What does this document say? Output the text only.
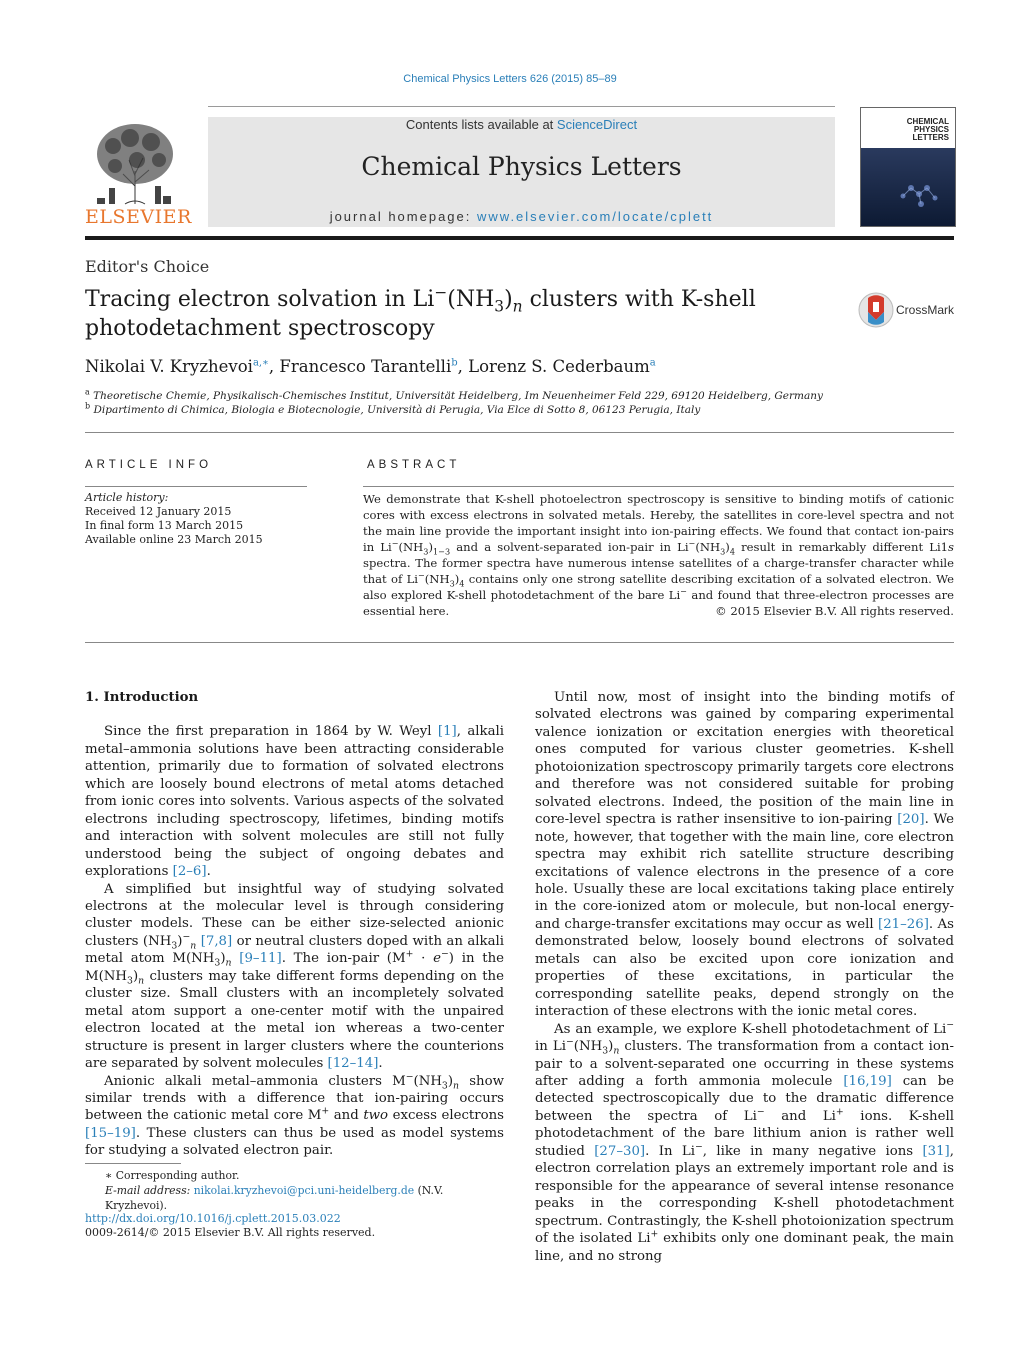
Chemical Physics Letters 626 (2015) 85–89
Contents lists available at ScienceDirect
Chemical Physics Letters
journal homepage: www.elsevier.com/locate/cplett
ELSEVIER
CHEMICAL
PHYSICS
LETTERS
Editor's Choice
Tracing electron solvation in $Li^-(NH_3)_n$ clusters with K-shell photodetachment spectroscopy
CrossMark
Nikolai V. Kryzhevoi$^{a,∗}$, Francesco Tarantelli$^b$, Lorenz S. Cederbaum$^a$
$^a$ Theoretische Chemie, Physikalisch-Chemisches Institut, Universität Heidelberg, Im Neuenheimer Feld 229, 69120 Heidelberg, Germany
$^b$ Dipartimento di Chimica, Biologia e Biotecnologie, Università di Perugia, Via Elce di Sotto 8, 06123 Perugia, Italy
ARTICLE INFO	ABSTRACT
Article history:
Received 12 January 2015
In final form 13 March 2015
Available online 23 March 2015
We demonstrate that K-shell photoelectron spectroscopy is sensitive to binding motifs of cationic cores with excess electrons in solvated metals. Hereby, the satellites in core-level spectra and not the main line provide the important insight into ion-pairing effects. We found that contact ion-pairs in $Li^-(NH_3)_{1-3}$ and a solvent-separated ion-pair in $Li^-(NH_3)_4$ result in remarkably different Li1s spectra. The former spectra have numerous intense satellites of a charge-transfer character while that of $Li^-(NH_3)_4$ contains only one strong satellite describing excitation of a solvated electron. We also explored K-shell photodetachment of the bare Li− and found that three-electron processes are essential here.	© 2015 Elsevier B.V. All rights reserved.

1. Introduction

Since the first preparation in 1864 by W. Weyl [1], alkali metal–ammonia solutions have been attracting considerable attention, primarily due to formation of solvated electrons which are loosely bound electrons of metal atoms detached from ionic cores into solvents. Various aspects of the solvated electrons including spectroscopy, lifetimes, binding motifs and interaction with solvent molecules are still not fully understood being the subject of ongoing debates and explorations [2–6].

A simplified but insightful way of studying solvated electrons at the molecular level is through considering cluster models. These can be either size-selected anionic clusters $(NH_3)^-_n$ [7,8] or neutral clusters doped with an alkali metal atom $M(NH_3)_n$ [9–11]. The ion-pair (M+ · e−) in the $M(NH_3)_n$ clusters may take different forms depending on the cluster size. Small clusters with an incompletely solvated metal atom support a one-center motif with the unpaired electron located at the metal ion whereas a two-center structure is present in larger clusters where the counterions are separated by solvent molecules [12–14].

Anionic alkali metal–ammonia clusters $M^-(NH_3)_n$ show similar trends with a difference that ion-pairing occurs between the cationic metal core M+ and two excess electrons [15–19]. These clusters can thus be used as model systems for studying a solvated electron pair.

Until now, most of insight into the binding motifs of solvated electrons was gained by comparing experimental valence ionization or excitation energies with theoretical ones computed for various cluster geometries. K-shell photoionization spectroscopy primarily targets core electrons and therefore was not considered suitable for probing solvated electrons. Indeed, the position of the main line in core-level spectra is rather insensitive to ion-pairing [20]. We note, however, that together with the main line, core electron spectra may exhibit rich satellite structure describing excitations of valence electrons in the presence of a core hole. Usually these are local excitations taking place entirely in the core-ionized atom or molecule, but non-local energy- and charge-transfer excitations may occur as well [21–26]. As demonstrated below, loosely bound electrons of solvated metals can also be excited upon core ionization and properties of these excitations, in particular the corresponding satellite peaks, depend strongly on the interaction of these electrons with the ionic metal cores.

As an example, we explore K-shell photodetachment of Li− in $Li^-(NH_3)_n$ clusters. The transformation from a contact ion-pair to a solvent-separated one occurring in these systems after adding a forth ammonia molecule [16,19] can be detected spectroscopically due to the dramatic difference between the spectra of Li− and Li+ ions. K-shell photodetachment of the bare lithium anion is rather well studied [27–30]. In Li−, like in many negative ions [31], electron correlation plays an extremely important role and is responsible for the appearance of several intense resonance peaks in the corresponding K-shell photodetachment spectrum. Contrastingly, the K-shell photoionization spectrum of the isolated Li+ exhibits only one dominant peak, the main line, and no strong

∗ Corresponding author.
E-mail address: nikolai.kryzhevoi@pci.uni-heidelberg.de (N.V. Kryzhevoi).
http://dx.doi.org/10.1016/j.cplett.2015.03.022
0009-2614/© 2015 Elsevier B.V. All rights reserved.
